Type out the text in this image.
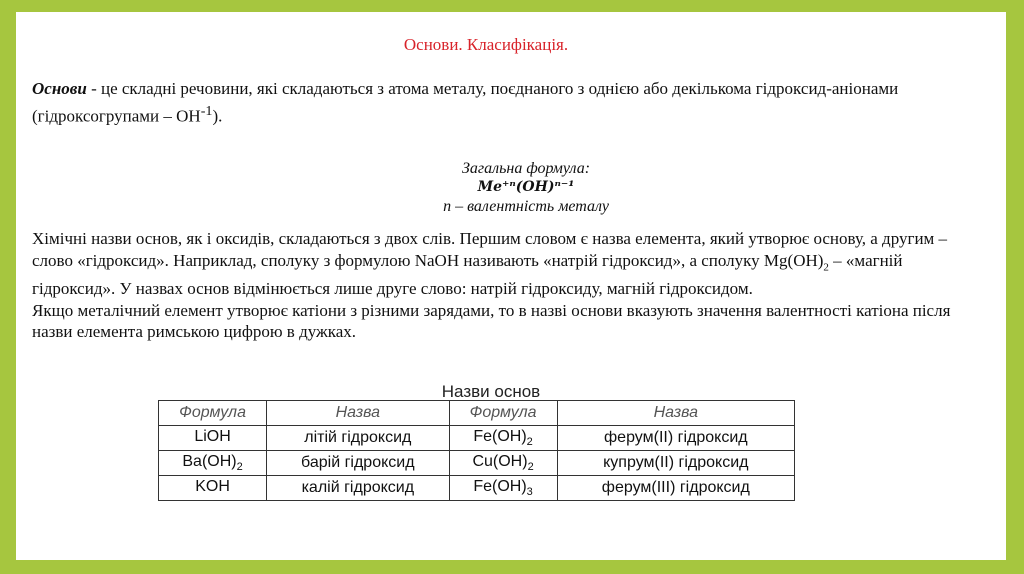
Основи. Класифікація.
Основи - це складні речовини, які складаються з атома металу, поєднаного з однією або декількома гідроксид-аніонами (гідроксогрупами – $ОН^{-1}$).
Загальна формула:
Me⁺ⁿ(OH)ⁿ⁻¹
n – валентність металу
Хімічні назви основ, як і оксидів, складаються з двох слів. Першим словом є назва елемента, який утворює основу, а другим – слово «гідроксид». Наприклад, сполуку з формулою NaOH називають «натрій гідроксид», а сполуку $Mg(OH)_2$ – «магній гідроксид». У назвах основ відмінюється лише друге слово: натрій гідроксиду, магній гідроксидом.
Якщо металічний елемент утворює катіони з різними зарядами, то в назві основи вказують значення валентності катіона після назви елемента римською цифрою в дужках.
Назви основ
Формула	Назва	Формула	Назва
LiOH	літій гідроксид	$Fe(OH)_2$	ферум(II) гідроксид
$Ba(OH)_2$	барій гідроксид	$Cu(OH)_2$	купрум(II) гідроксид
KOH	калій гідроксид	$Fe(OH)_3$	ферум(III) гідроксид
